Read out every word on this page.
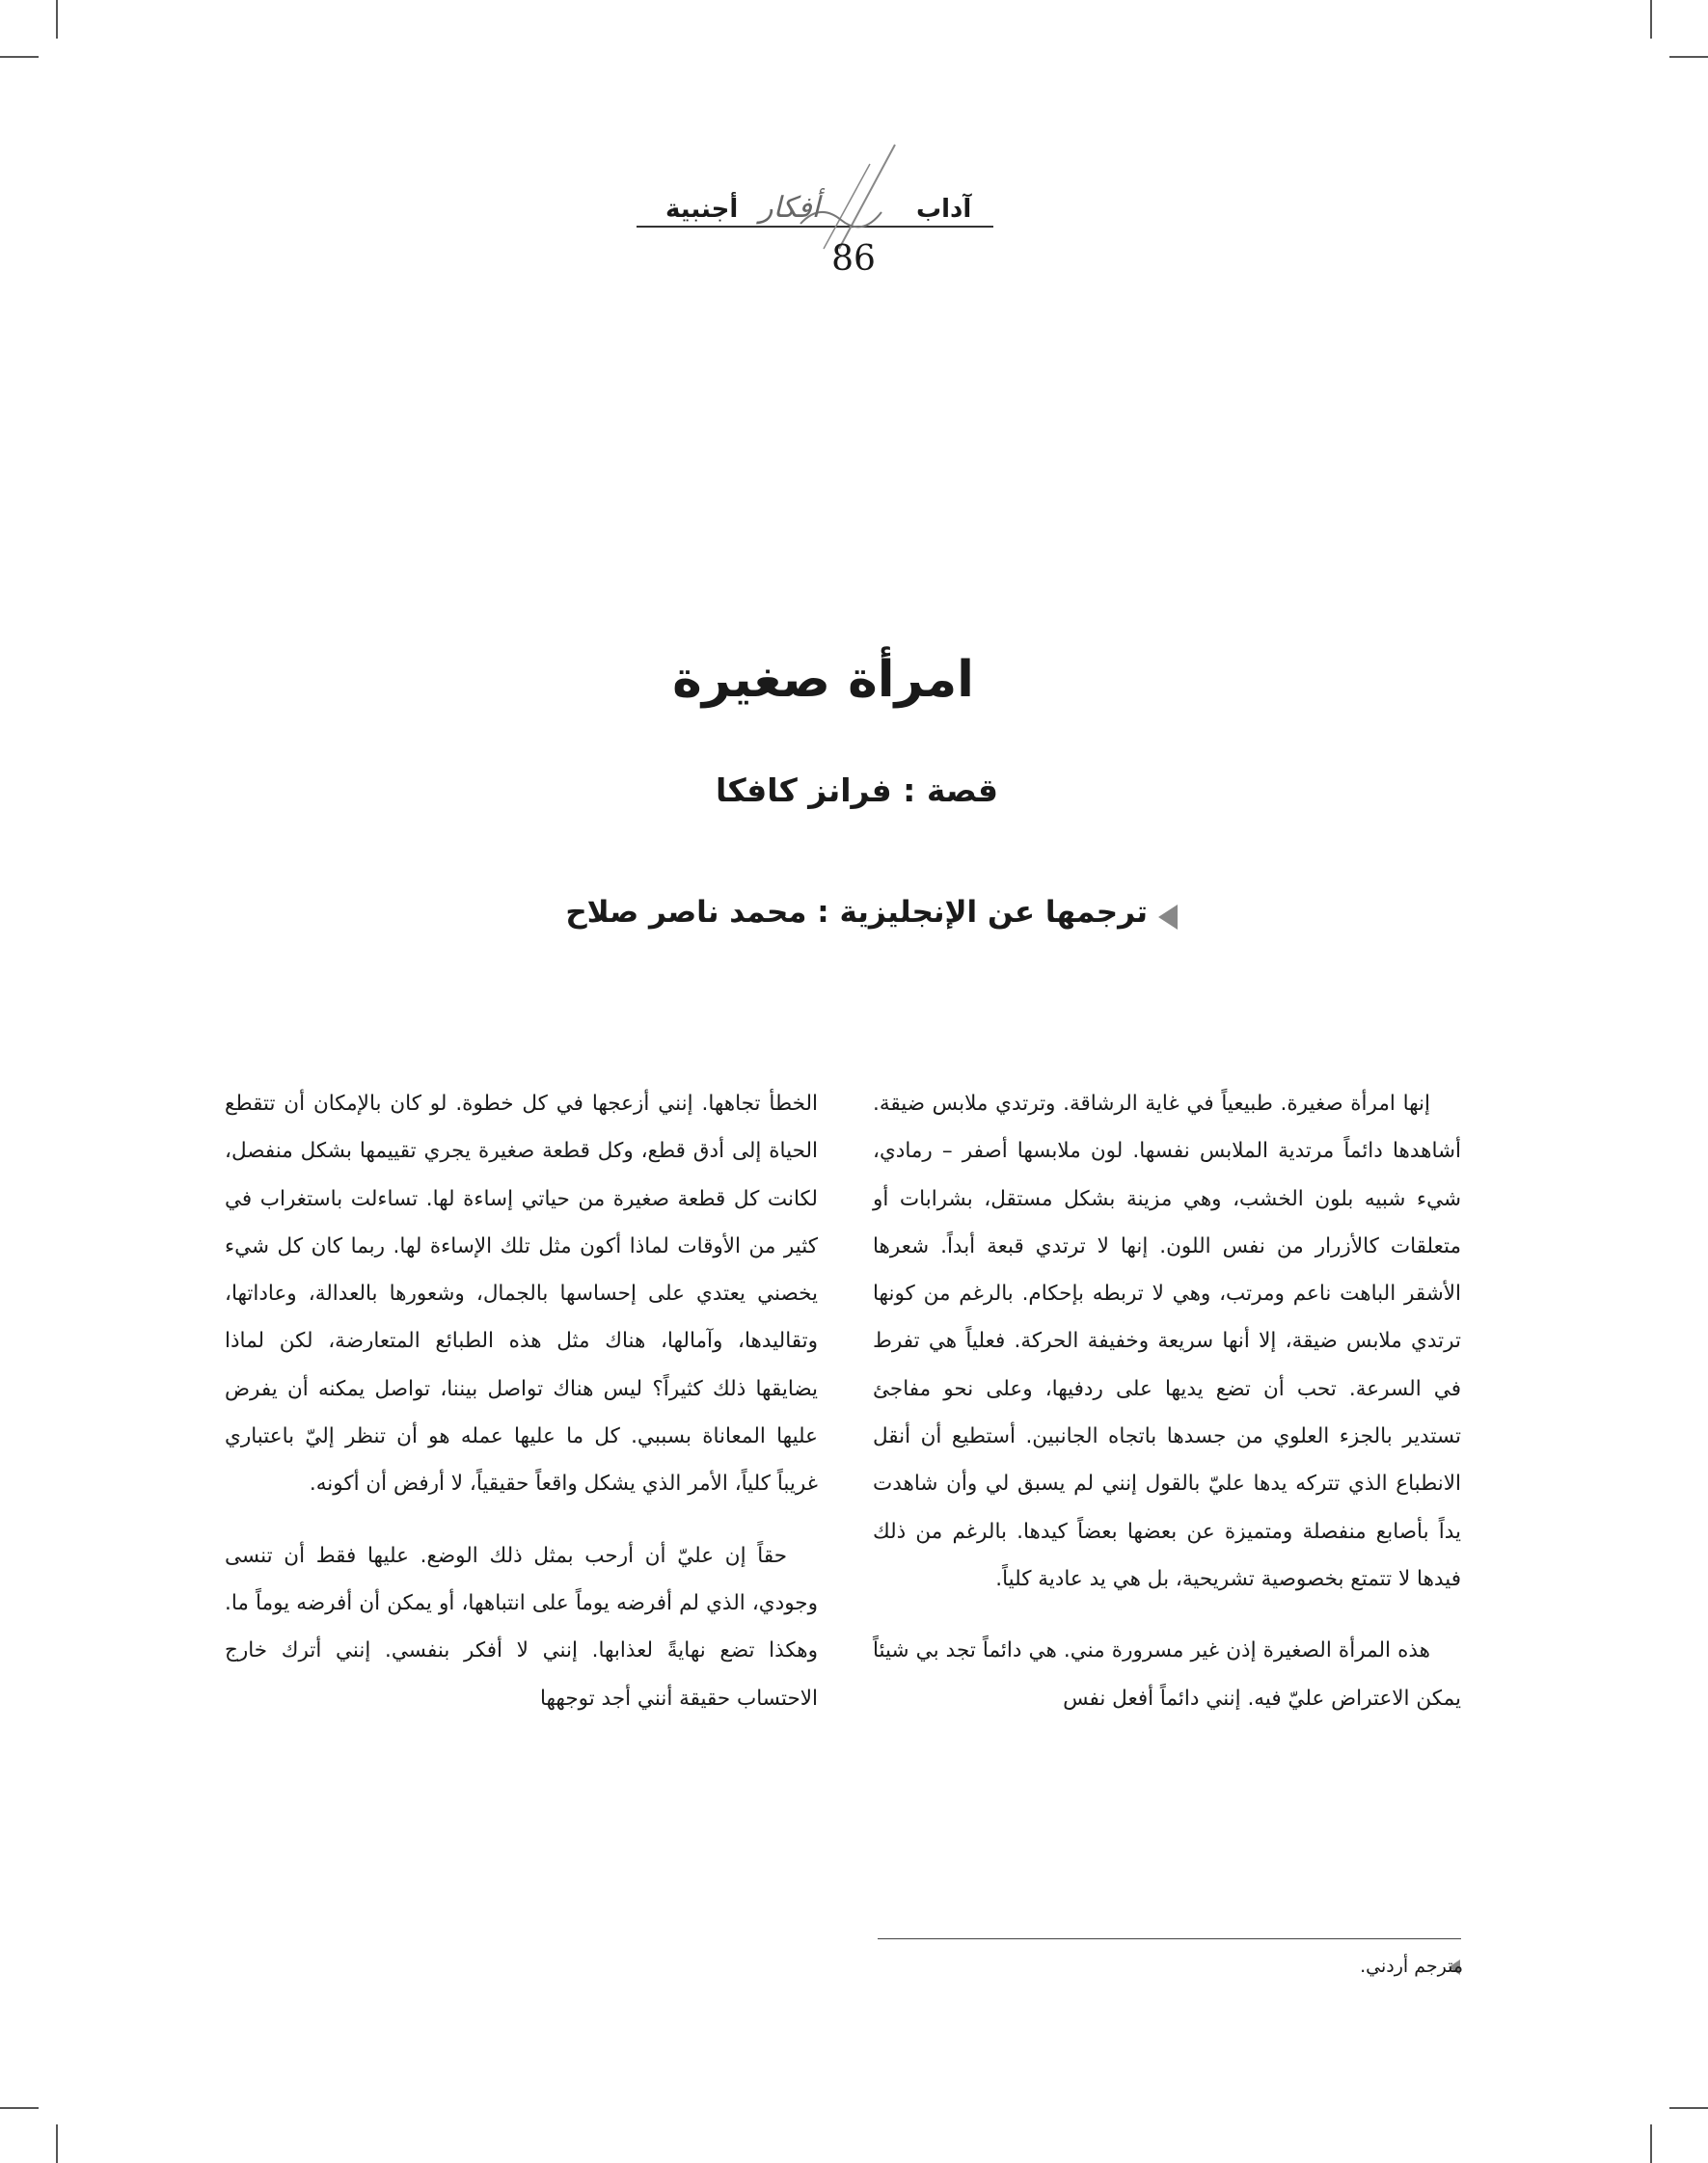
آداب
أجنبية أفكار
86
امرأة صغيرة
قصة : فرانز كافكا
ترجمها عن الإنجليزية : محمد ناصر صلاح

إنها امرأة صغيرة. طبيعياً في غاية الرشاقة. وترتدي ملابس ضيقة. أشاهدها دائماً مرتدية الملابس نفسها. لون ملابسها أصفر – رمادي، شيء شبيه بلون الخشب، وهي مزينة بشكل مستقل، بشرابات أو متعلقات كالأزرار من نفس اللون. إنها لا ترتدي قبعة أبداً. شعرها الأشقر الباهت ناعم ومرتب، وهي لا تربطه بإحكام. بالرغم من كونها ترتدي ملابس ضيقة، إلا أنها سريعة وخفيفة الحركة. فعلياً هي تفرط في السرعة. تحب أن تضع يديها على ردفيها، وعلى نحو مفاجئ تستدير بالجزء العلوي من جسدها باتجاه الجانبين. أستطيع أن أنقل الانطباع الذي تتركه يدها عليّ بالقول إنني لم يسبق لي وأن شاهدت يداً بأصابع منفصلة ومتميزة عن بعضها بعضاً كيدها. بالرغم من ذلك فيدها لا تتمتع بخصوصية تشريحية، بل هي يد عادية كلياً.

هذه المرأة الصغيرة إذن غير مسرورة مني. هي دائماً تجد بي شيئاً يمكن الاعتراض عليّ فيه. إنني دائماً أفعل نفس

الخطأ تجاهها. إنني أزعجها في كل خطوة. لو كان بالإمكان أن تتقطع الحياة إلى أدق قطع، وكل قطعة صغيرة يجري تقييمها بشكل منفصل، لكانت كل قطعة صغيرة من حياتي إساءة لها. تساءلت باستغراب في كثير من الأوقات لماذا أكون مثل تلك الإساءة لها. ربما كان كل شيء يخصني يعتدي على إحساسها بالجمال، وشعورها بالعدالة، وعاداتها، وتقاليدها، وآمالها، هناك مثل هذه الطبائع المتعارضة، لكن لماذا يضايقها ذلك كثيراً؟ ليس هناك تواصل بيننا، تواصل يمكنه أن يفرض عليها المعاناة بسببي. كل ما عليها عمله هو أن تنظر إليّ باعتباري غريباً كلياً، الأمر الذي يشكل واقعاً حقيقياً، لا أرفض أن أكونه.

حقاً إن عليّ أن أرحب بمثل ذلك الوضع. عليها فقط أن تنسى وجودي، الذي لم أفرضه يوماً على انتباهها، أو يمكن أن أفرضه يوماً ما. وهكذا تضع نهايةً لعذابها. إنني لا أفكر بنفسي. إنني أترك خارج الاحتساب حقيقة أنني أجد توجهها

مترجم أردني.
